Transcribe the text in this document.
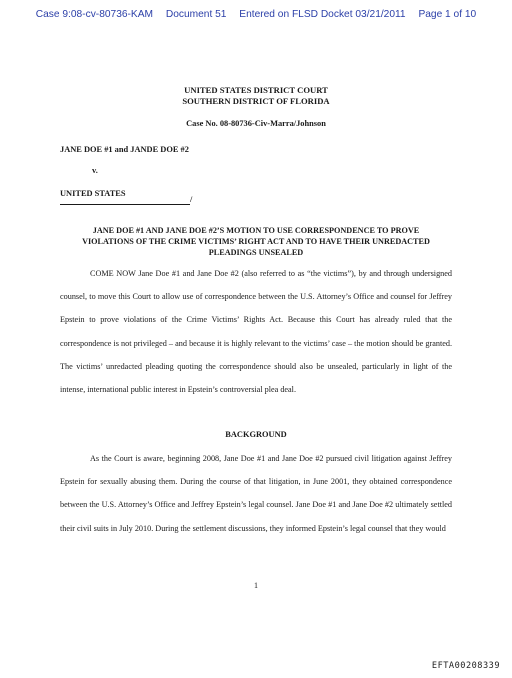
Case 9:08-cv-80736-KAM Document 51 Entered on FLSD Docket 03/21/2011 Page 1 of 10
UNITED STATES DISTRICT COURT
SOUTHERN DISTRICT OF FLORIDA
Case No. 08-80736-Civ-Marra/Johnson
JANE DOE #1 and JANDE DOE #2
v.
UNITED STATES
/
JANE DOE #1 AND JANE DOE #2’S MOTION TO USE CORRESPONDENCE TO PROVE VIOLATIONS OF THE CRIME VICTIMS’ RIGHT ACT AND TO HAVE THEIR UNREDACTED PLEADINGS UNSEALED
COME NOW Jane Doe #1 and Jane Doe #2 (also referred to as “the victims”), by and through undersigned counsel, to move this Court to allow use of correspondence between the U.S. Attorney’s Office and counsel for Jeffrey Epstein to prove violations of the Crime Victims’ Rights Act. Because this Court has already ruled that the correspondence is not privileged – and because it is highly relevant to the victims’ case – the motion should be granted. The victims’ unredacted pleading quoting the correspondence should also be unsealed, particularly in light of the intense, international public interest in Epstein’s controversial plea deal.
BACKGROUND
As the Court is aware, beginning 2008, Jane Doe #1 and Jane Doe #2 pursued civil litigation against Jeffrey Epstein for sexually abusing them. During the course of that litigation, in June 2001, they obtained correspondence between the U.S. Attorney’s Office and Jeffrey Epstein’s legal counsel. Jane Doe #1 and Jane Doe #2 ultimately settled their civil suits in July 2010. During the settlement discussions, they informed Epstein’s legal counsel that they would
1
EFTA00208339
